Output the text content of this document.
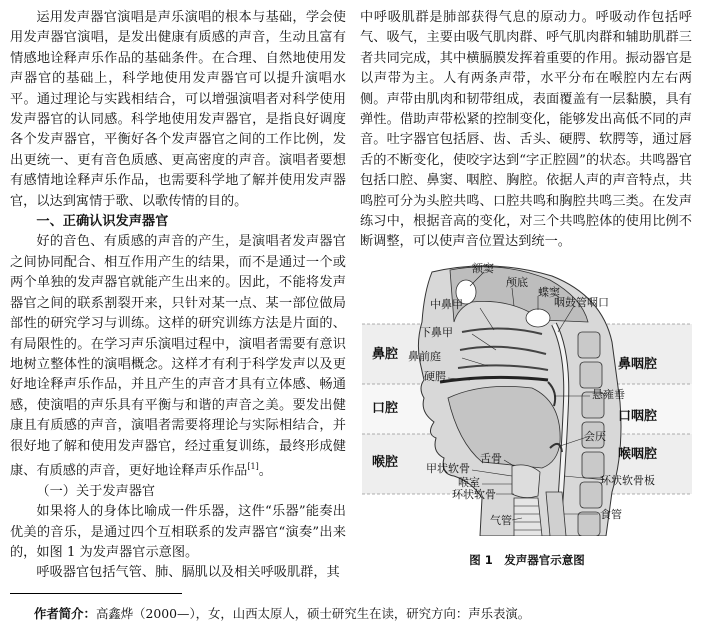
运用发声器官演唱是声乐演唱的根本与基础，学会使用发声器官演唱，是发出健康有质感的声音，生动且富有情感地诠释声乐作品的基础条件。在合理、自然地使用发声器官的基础上，科学地使用发声器官可以提升演唱水平。通过理论与实践相结合，可以增强演唱者对科学使用发声器官的认同感。科学地使用发声器官，是指良好调度各个发声器官，平衡好各个发声器官之间的工作比例，发出更统一、更有音色质感、更高密度的声音。演唱者要想有感情地诠释声乐作品，也需要科学地了解并使用发声器官，以达到寓情于歌、以歌传情的目的。

一、正确认识发声器官

好的音色、有质感的声音的产生，是演唱者发声器官之间协同配合、相互作用产生的结果，而不是通过一个或两个单独的发声器官就能产生出来的。因此，不能将发声器官之间的联系割裂开来，只针对某一点、某一部位做局部性的研究学习与训练。这样的研究训练方法是片面的、有局限性的。在学习声乐演唱过程中，演唱者需要有意识地树立整体性的演唱概念。这样才有利于科学发声以及更好地诠释声乐作品，并且产生的声音才具有立体感、畅通感，使演唱的声乐具有平衡与和谐的声音之美。要发出健康且有质感的声音，演唱者需要将理论与实际相结合，并很好地了解和使用发声器官，经过重复训练，最终形成健康、有质感的声音，更好地诠释声乐作品[1]。

（一）关于发声器官

如果将人的身体比喻成一件乐器，这件“乐器”能奏出优美的音乐，是通过四个互相联系的发声器官“演奏”出来的，如图 1 为发声器官示意图。

呼吸器官包括气管、肺、膈肌以及相关呼吸肌群，其

中呼吸肌群是肺部获得气息的原动力。呼吸动作包括呼气、吸气，主要由吸气肌肉群、呼气肌肉群和辅助肌群三者共同完成，其中横膈膜发挥着重要的作用。振动器官是以声带为主。人有两条声带，水平分布在喉腔内左右两侧。声带由肌肉和韧带组成，表面覆盖有一层黏膜，具有弹性。借助声带松紧的控制变化，能够发出高低不同的声音。吐字器官包括唇、齿、舌头、硬腭、软腭等，通过唇舌的不断变化，使咬字达到“字正腔圆”的状态。共鸣器官包括口腔、鼻窦、咽腔、胸腔。依据人声的声音特点，共鸣腔可分为头腔共鸣、口腔共鸣和胸腔共鸣三类。在发声练习中，根据音高的变化，对三个共鸣腔体的使用比例不断调整，可以使声音位置达到统一。

额窦
颅底
蝶窦
中鼻甲	咽鼓管咽口
下鼻甲
鼻前庭
硬腭
悬雍垂
会厌
舌骨
甲状软骨
喉室
环状软骨
环状软骨板
气管	食管
鼻腔
口腔
喉腔
鼻咽腔
口咽腔
喉咽腔
图 1　发声器官示意图
作者简介：高鑫烨（2000—），女，山西太原人，硕士研究生在读，研究方向：声乐表演。
